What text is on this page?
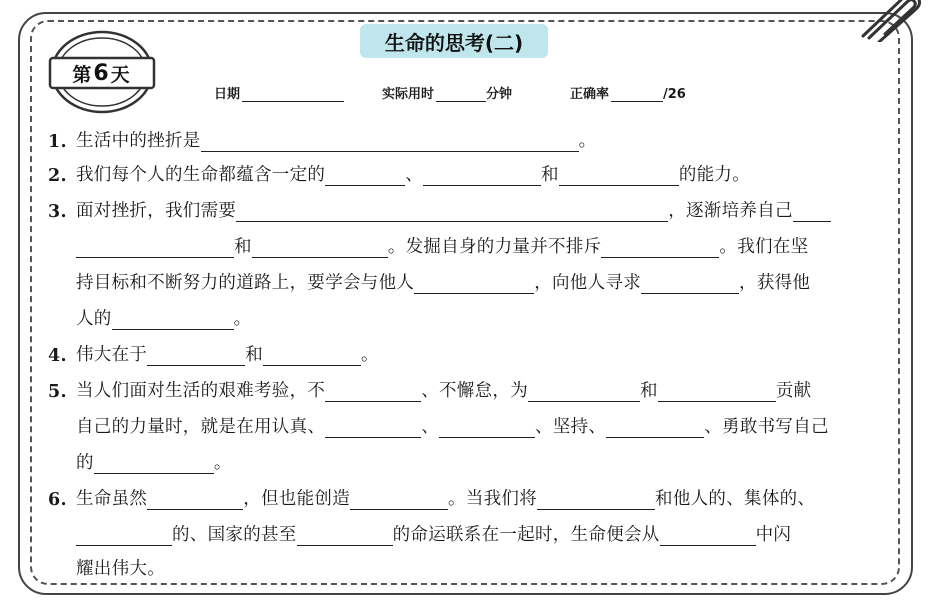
生命的思考(二)
第 6 天
日期	实际用时	分钟	正确率	/26
1. 生活中的挫折是	。
2. 我们每个人的生命都蕴含一定的	、	和	的能力。
3. 面对挫折，我们需要	，逐渐培养自己
和	。发掘自身的力量并不排斥	。我们在坚
持目标和不断努力的道路上，要学会与他人	，向他人寻求	，获得他
人的	。
4. 伟大在于	和	。
5. 当人们面对生活的艰难考验，不	、不懈怠，为	和	贡献
自己的力量时，就是在用认真、	、	、坚持、	、勇敢书写自己
的	。
6. 生命虽然	，但也能创造	。当我们将	和他人的、集体的、
的、国家的甚至	的命运联系在一起时，生命便会从	中闪
耀出伟大。
